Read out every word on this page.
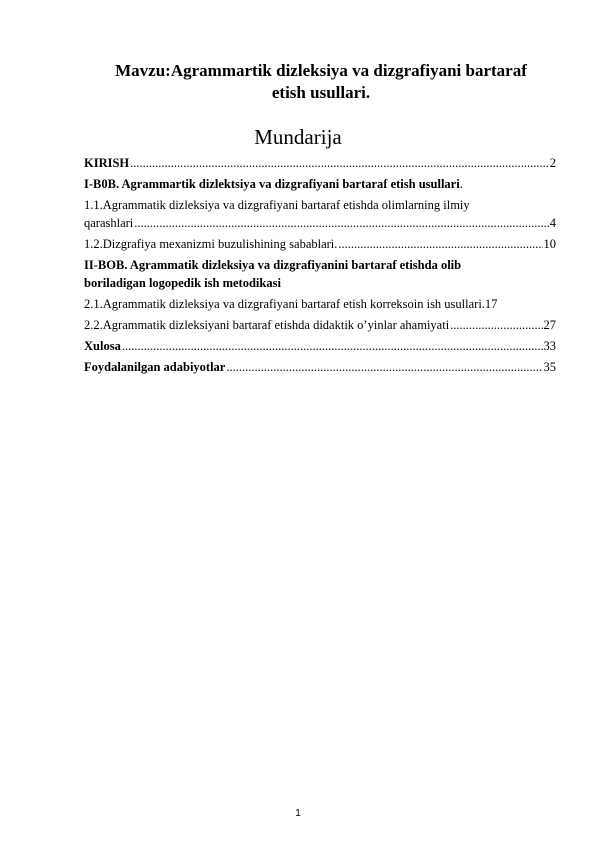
Mavzu:Agrammartik dizleksiya va dizgrafiyani bartaraf
etish usullari.
Mundarija
KIRISH .....	2
I-B0B. Agrammartik dizlektsiya va dizgrafiyani bartaraf etish usullari.
1.1.Agrammatik dizleksiya va dizgrafiyani bartaraf etishda olimlarning ilmiy
qarashlari .....	4
1.2.Dizgrafiya mexanizmi buzulishining sabablari. .....	10
II-BOB. Agrammatik dizleksiya va dizgrafiyanini bartaraf etishda olib
boriladigan logopedik ish metodikasi
2.1.Agrammatik dizleksiya va dizgrafiyani bartaraf etish korreksoin ish usullari. 17
2.2.Agrammatik dizleksiyani bartaraf etishda didaktik o’yinlar ahamiyati .....	27
Xulosa .....	33
Foydalanilgan adabiyotlar .....	35
1
